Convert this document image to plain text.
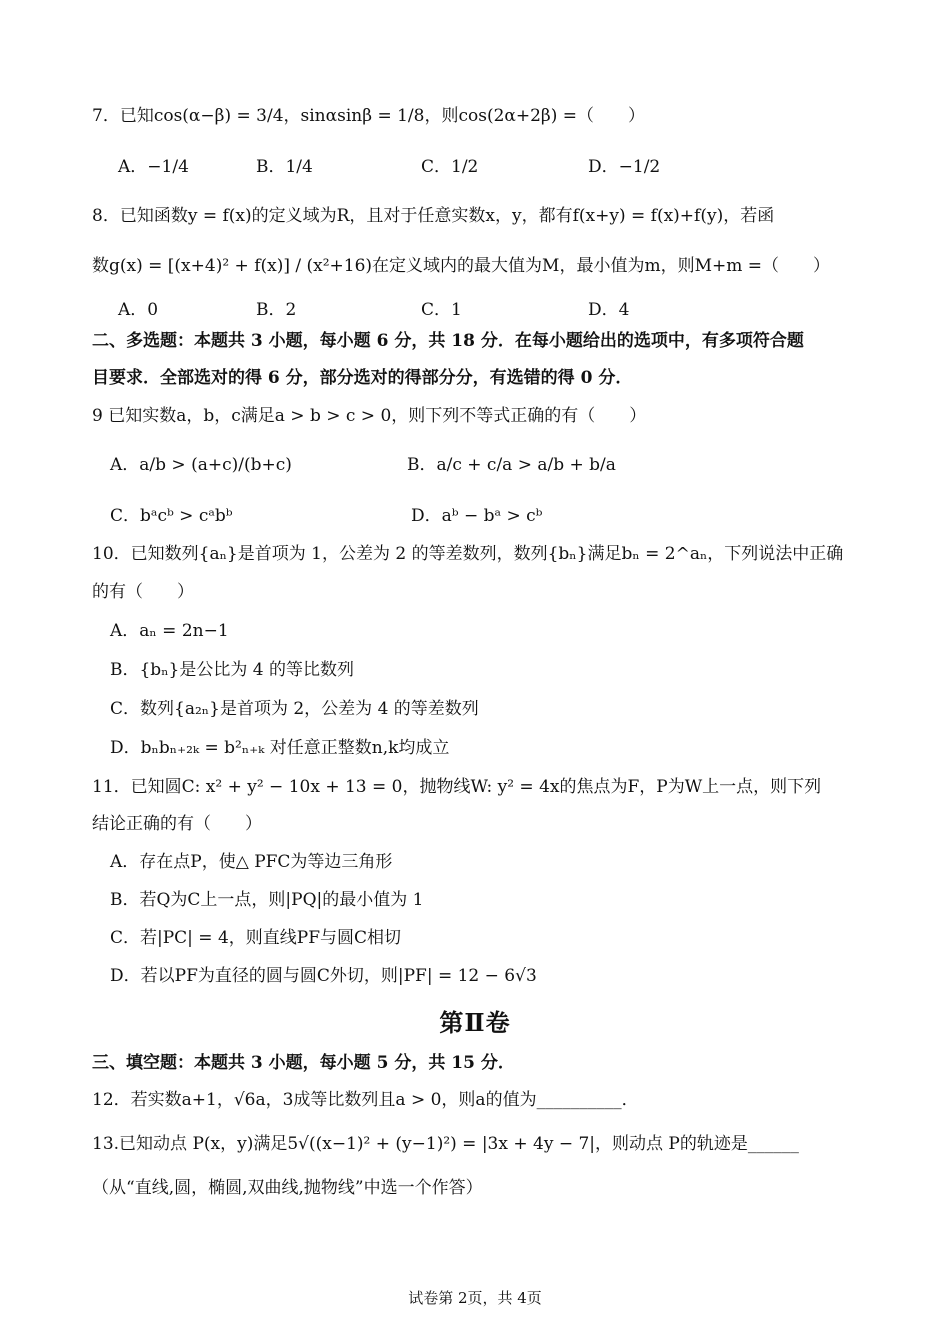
7．已知cos(α−β) = 3/4，sinαsinβ = 1/8，则cos(2α+2β) =（　　）
A．−1/4	B．1/4	C．1/2	D．−1/2
8．已知函数y = f(x)的定义域为R，且对于任意实数x，y，都有f(x+y) = f(x)+f(y)，若函
数g(x) = [(x+4)² + f(x)] / (x²+16)在定义域内的最大值为M，最小值为m，则M+m =（　　）
A．0	B．2	C．1	D．4
二、多选题：本题共 3 小题，每小题 6 分，共 18 分．在每小题给出的选项中，有多项符合题
目要求．全部选对的得 6 分，部分选对的得部分分，有选错的得 0 分．
9 已知实数a，b，c满足a > b > c > 0，则下列不等式正确的有（　　）
A．a/b > (a+c)/(b+c)	B．a/c + c/a > a/b + b/a
C．bᵃcᵇ > cᵃbᵇ	D．aᵇ − bᵃ > cᵇ
10．已知数列{aₙ}是首项为 1，公差为 2 的等差数列，数列{bₙ}满足bₙ = 2^aₙ，下列说法中正确
的有（　　）
A．aₙ = 2n−1
B．{bₙ}是公比为 4 的等比数列
C．数列{a₂ₙ}是首项为 2，公差为 4 的等差数列
D．bₙbₙ₊₂ₖ = b²ₙ₊ₖ 对任意正整数n,k均成立
11．已知圆C: x² + y² − 10x + 13 = 0，抛物线W: y² = 4x的焦点为F，P为W上一点，则下列
结论正确的有（　　）
A．存在点P，使△ PFC为等边三角形
B．若Q为C上一点，则|PQ|的最小值为 1
C．若|PC| = 4，则直线PF与圆C相切
D．若以PF为直径的圆与圆C外切，则|PF| = 12 − 6√3
第Ⅱ卷
三、填空题：本题共 3 小题，每小题 5 分，共 15 分．
12．若实数a+1，√6a，3成等比数列且a > 0，则a的值为__________．
13.已知动点 P(x，y)满足5√((x−1)² + (y−1)²) = |3x + 4y − 7|，则动点 P的轨迹是______
（从“直线,圆，椭圆,双曲线,抛物线”中选一个作答）
试卷第 2页，共 4页
